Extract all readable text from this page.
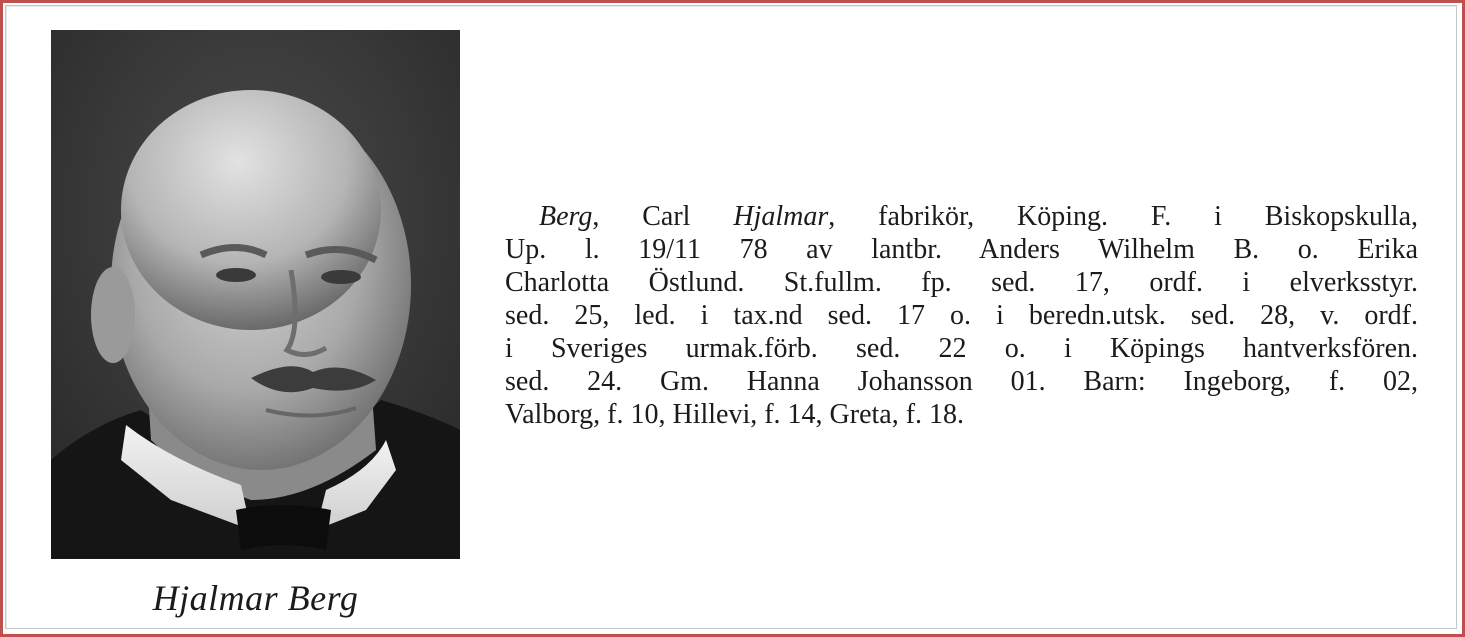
Hjalmar Berg
Berg, Carl Hjalmar, fabrikör, Köping. F. i Biskopskulla,
Up. l. 19/11 78 av lantbr. Anders Wilhelm B. o. Erika
Charlotta Östlund. St.fullm. fp. sed. 17, ordf. i elverksstyr.
sed. 25, led. i tax.nd sed. 17 o. i beredn.utsk. sed. 28, v. ordf.
i Sveriges urmak.förb. sed. 22 o. i Köpings hantverksfören.
sed. 24. Gm. Hanna Johansson 01. Barn: Ingeborg, f. 02,
Valborg, f. 10, Hillevi, f. 14, Greta, f. 18.
